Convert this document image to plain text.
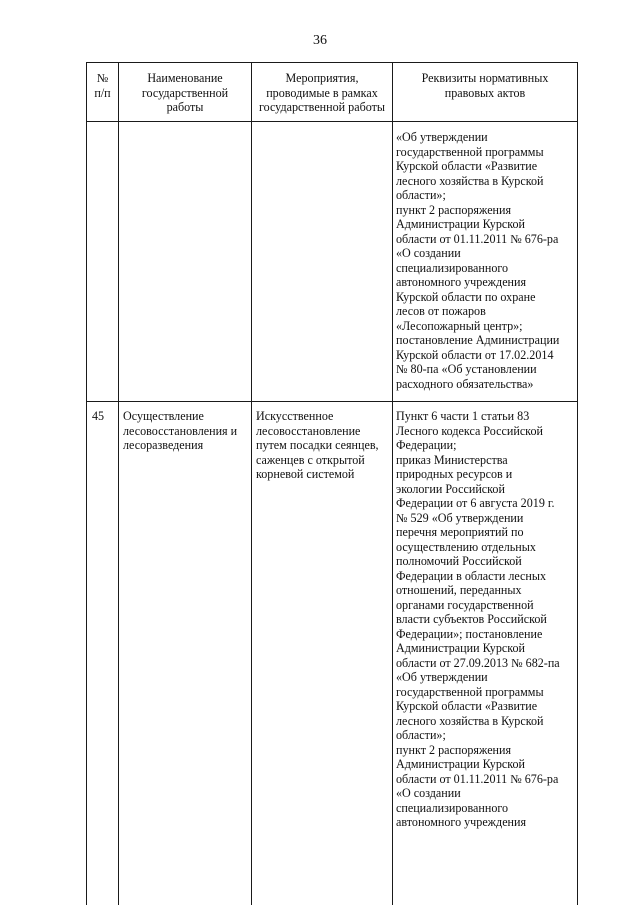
36
№
п/п
Наименование
государственной
работы
Мероприятия,
проводимые в рамках
государственной работы
Реквизиты нормативных
правовых актов
«Об утверждении
государственной программы
Курской области «Развитие
лесного хозяйства в Курской
области»;
пункт 2 распоряжения
Администрации Курской
области от 01.11.2011 № 676-ра
«О создании
специализированного
автономного учреждения
Курской области по охране
лесов от пожаров
«Лесопожарный центр»;
постановление Администрации
Курской области от 17.02.2014
№ 80-па «Об установлении
расходного обязательства»
45	Осуществление
лесовосстановления и
лесоразведения
Искусственное
лесовосстановление
путем посадки сеянцев,
саженцев с открытой
корневой системой
Пункт 6 части 1 статьи 83
Лесного кодекса Российской
Федерации;
приказ Министерства
природных ресурсов и
экологии Российской
Федерации от 6 августа 2019 г.
№ 529 «Об утверждении
перечня мероприятий по
осуществлению отдельных
полномочий Российской
Федерации в области лесных
отношений, переданных
органами государственной
власти субъектов Российской
Федерации»; постановление
Администрации Курской
области от 27.09.2013 № 682-па
«Об утверждении
государственной программы
Курской области «Развитие
лесного хозяйства в Курской
области»;
пункт 2 распоряжения
Администрации Курской
области от 01.11.2011 № 676-ра
«О создании
специализированного
автономного учреждения
